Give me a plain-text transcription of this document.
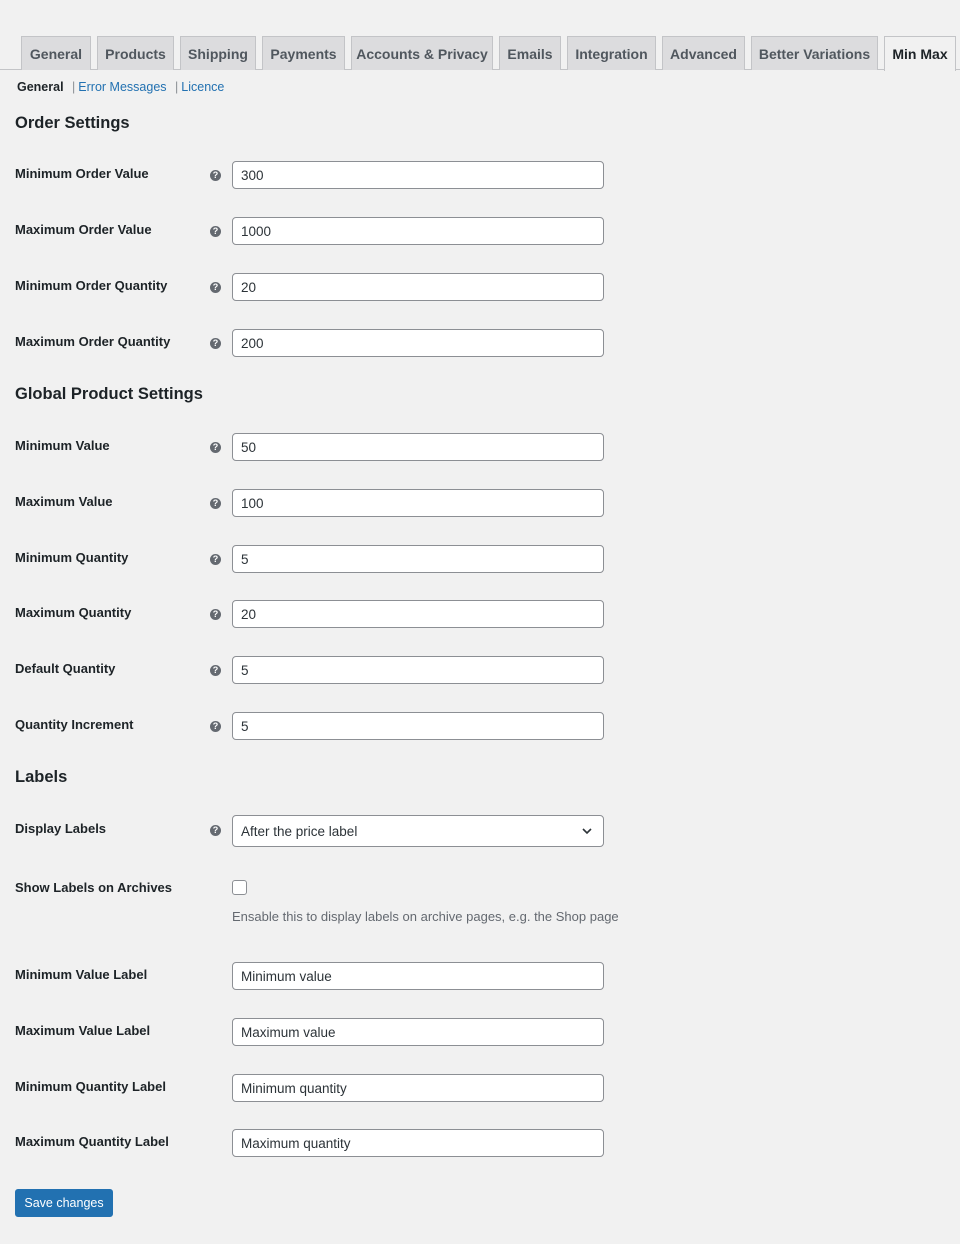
General	Products	Shipping	Payments	Accounts & Privacy	Emails	Integration	Advanced	Better Variations	Min Max
General | Error Messages | Licence
Order Settings
Minimum Order Value	?
300
Maximum Order Value	?
1000
Minimum Order Quantity	?
20
Maximum Order Quantity	?
200
Global Product Settings
Minimum Value	?
50
Maximum Value	?
100
Minimum Quantity	?
5
Maximum Quantity	?
20
Default Quantity	?
5
Quantity Increment	?
5
Labels
Display Labels	? After the price label
Show Labels on Archives
Ensable this to display labels on archive pages, e.g. the Shop page
Minimum Value Label
Minimum value
Maximum Value Label
Maximum value
Minimum Quantity Label
Minimum quantity
Maximum Quantity Label
Maximum quantity
Save changes
